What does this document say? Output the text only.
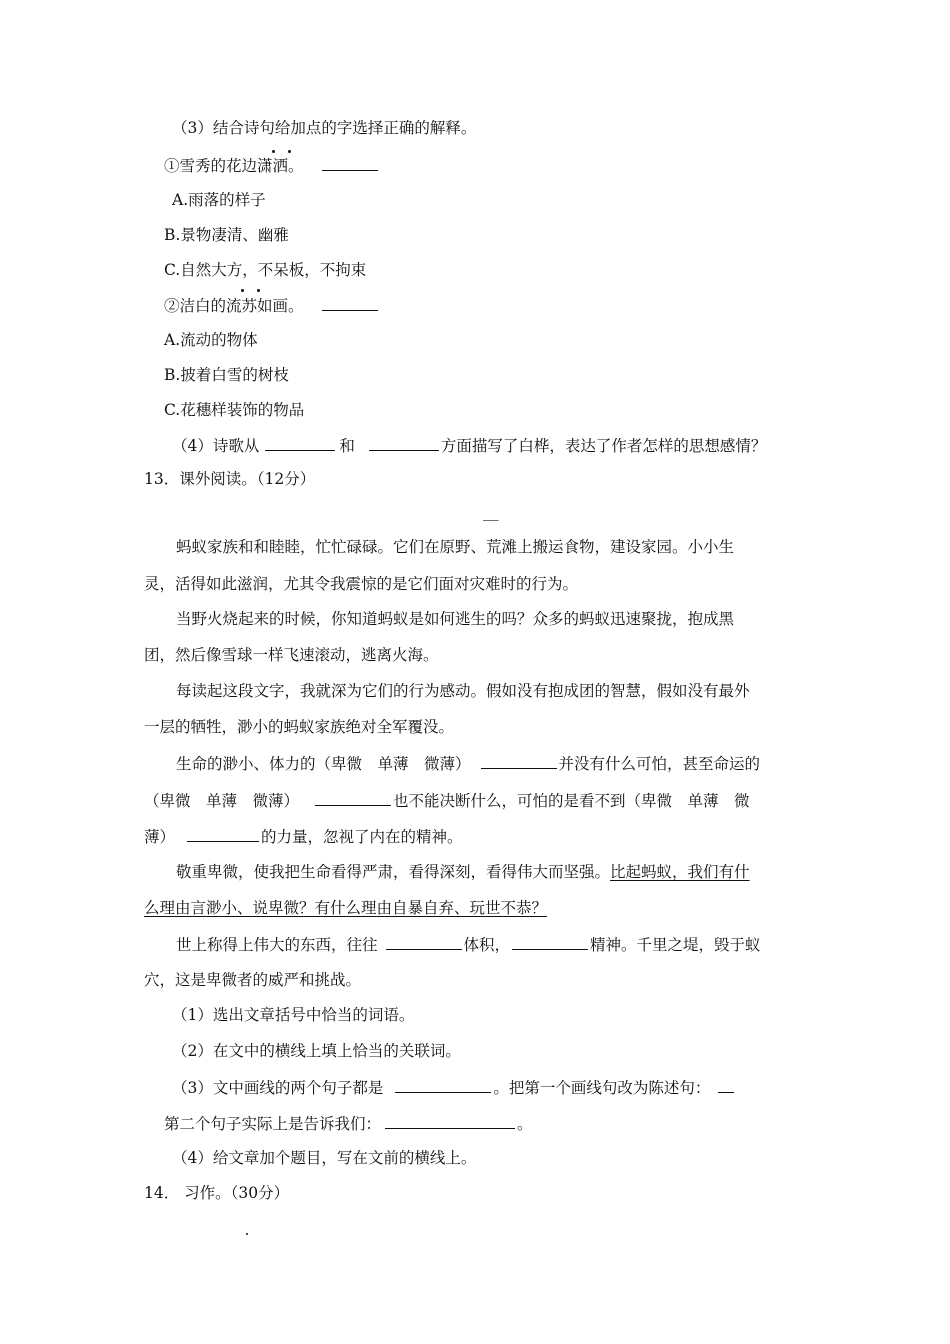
（3）结合诗句给加点的字选择正确的解释。
①雪秀的花边潇洒。
A.雨落的样子
B.景物凄清、幽雅
C.自然大方，不呆板，不拘束
②洁白的流苏如画。
A.流动的物体
B.披着白雪的树枝
C.花穗样装饰的物品
（4）诗歌从	和	方面描写了白桦，表达了作者怎样的思想感情？
13．课外阅读。（12分）
__
蚂蚁家族和和睦睦，忙忙碌碌。它们在原野、荒滩上搬运食物，建设家园。小小生
灵，活得如此滋润，尤其令我震惊的是它们面对灾难时的行为。
当野火烧起来的时候，你知道蚂蚁是如何逃生的吗？众多的蚂蚁迅速聚拢，抱成黑
团，然后像雪球一样飞速滚动，逃离火海。
每读起这段文字，我就深为它们的行为感动。假如没有抱成团的智慧，假如没有最外
一层的牺牲，渺小的蚂蚁家族绝对全军覆没。
生命的渺小、体力的（卑微　单薄　微薄）	并没有什么可怕，甚至命运的
（卑微　单薄　微薄）	也不能决断什么，可怕的是看不到（卑微　单薄　微
薄）	的力量，忽视了内在的精神。
敬重卑微，使我把生命看得严肃，看得深刻，看得伟大而坚强。比起蚂蚁，我们有什
么理由言渺小、说卑微？有什么理由自暴自弃、玩世不恭？
世上称得上伟大的东西，往往	体积，	精神。千里之堤，毁于蚁
穴，这是卑微者的威严和挑战。
（1）选出文章括号中恰当的词语。
（2）在文中的横线上填上恰当的关联词。
（3）文中画线的两个句子都是	。把第一个画线句改为陈述句：
第二个句子实际上是告诉我们：	。
（4）给文章加个题目，写在文前的横线上。
14． 习作。（30分）
